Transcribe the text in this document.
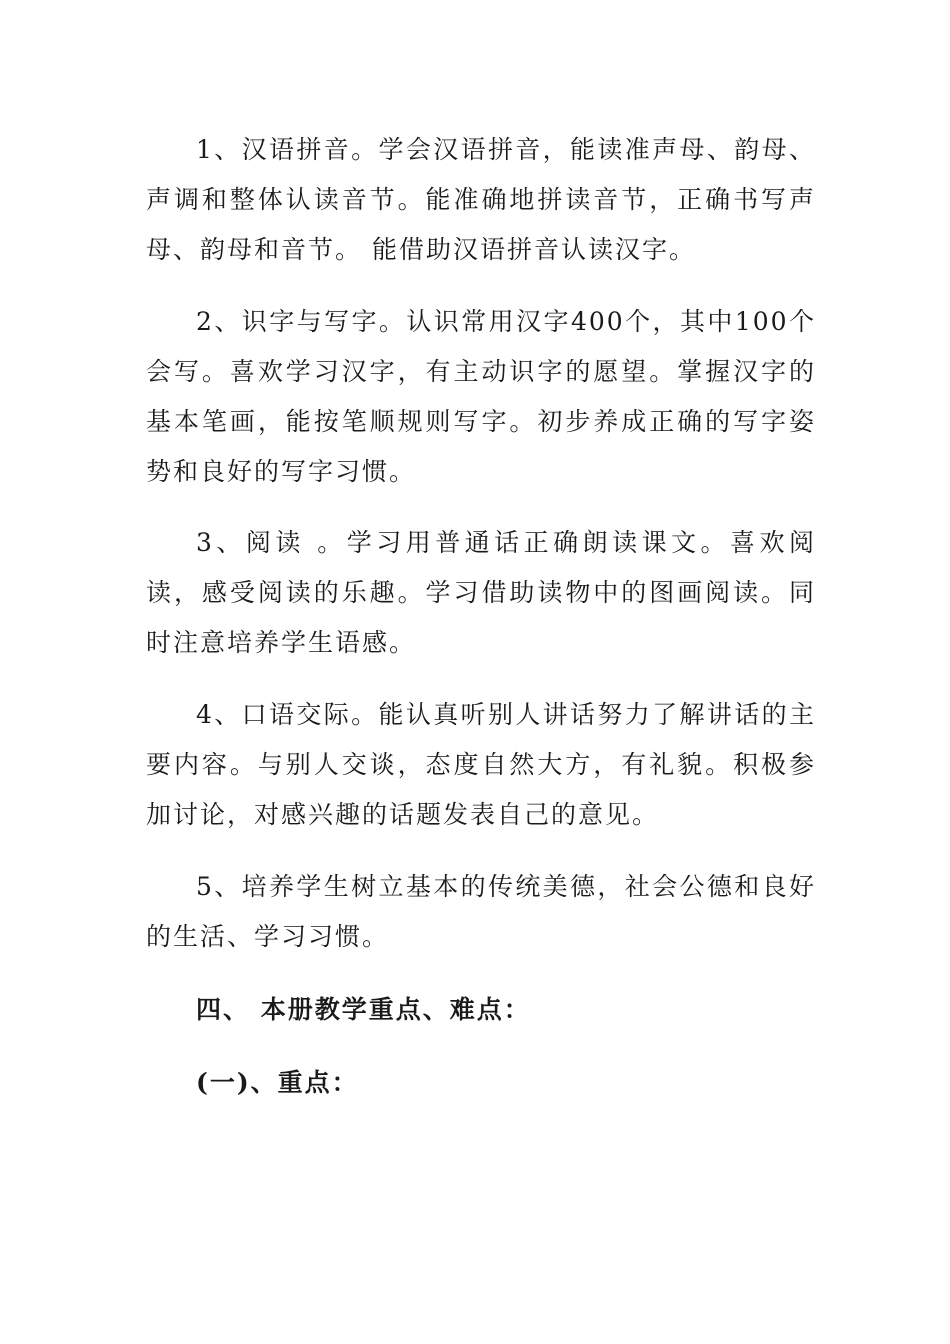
1、汉语拼音。学会汉语拼音，能读准声母、韵母、声调和整体认读音节。能准确地拼读音节，正确书写声母、韵母和音节。 能借助汉语拼音认读汉字。

2、识字与写字。认识常用汉字400个，其中100个会写。喜欢学习汉字，有主动识字的愿望。掌握汉字的基本笔画，能按笔顺规则写字。初步养成正确的写字姿势和良好的写字习惯。

3、阅读 。学习用普通话正确朗读课文。喜欢阅读，感受阅读的乐趣。学习借助读物中的图画阅读。同时注意培养学生语感。

4、口语交际。能认真听别人讲话努力了解讲话的主要内容。与别人交谈，态度自然大方，有礼貌。积极参加讨论，对感兴趣的话题发表自己的意见。

5、培养学生树立基本的传统美德，社会公德和良好的生活、学习习惯。

四、 本册教学重点、难点：
(一)、重点：
